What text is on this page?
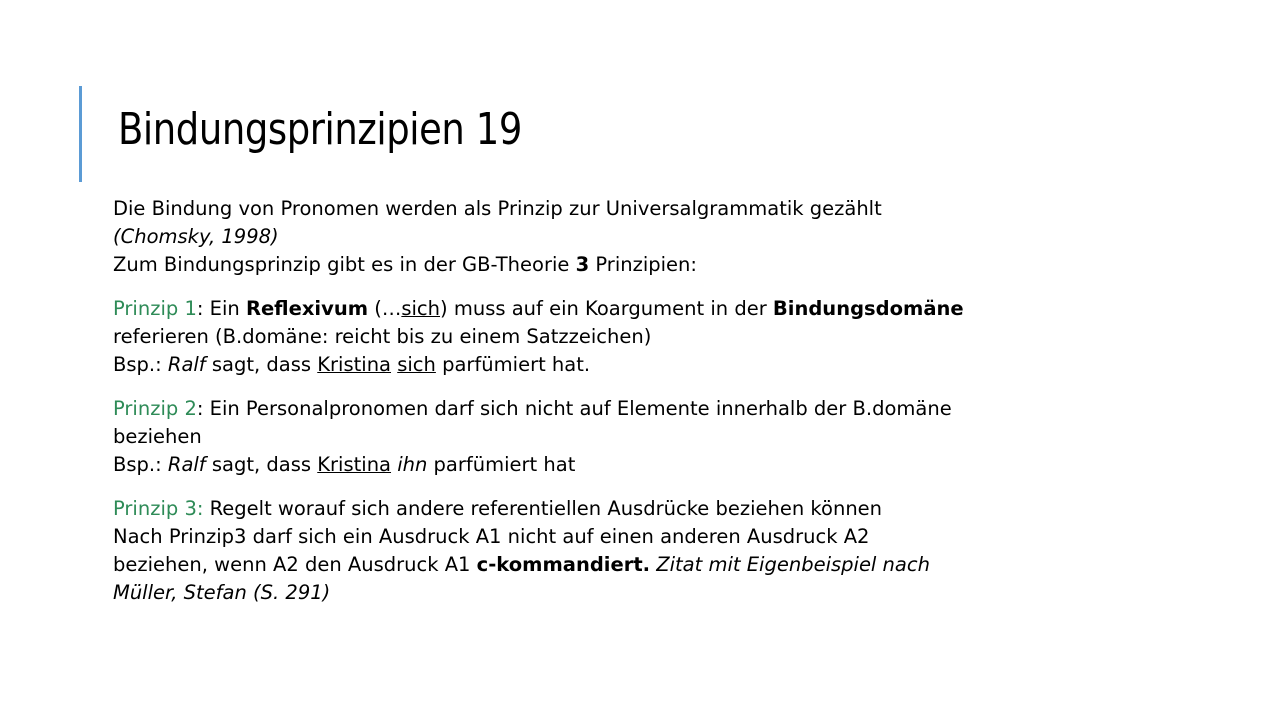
Bindungsprinzipien 19

Die Bindung von Pronomen werden als Prinzip zur Universalgrammatik gezählt

(Chomsky, 1998)

Zum Bindungsprinzip gibt es in der GB-Theorie 3 Prinzipien:

Prinzip 1: Ein Reflexivum (…sich) muss auf ein Koargument in der Bindungsdomäne

referieren (B.domäne: reicht bis zu einem Satzzeichen)

Bsp.: Ralf sagt, dass Kristina sich parfümiert hat.

Prinzip 2: Ein Personalpronomen darf sich nicht auf Elemente innerhalb der B.domäne

beziehen

Bsp.: Ralf sagt, dass Kristina ihn parfümiert hat

Prinzip 3: Regelt worauf sich andere referentiellen Ausdrücke beziehen können

Nach Prinzip3 darf sich ein Ausdruck A1 nicht auf einen anderen Ausdruck A2

beziehen, wenn A2 den Ausdruck A1 c-kommandiert. Zitat mit Eigenbeispiel nach

Müller, Stefan (S. 291)
